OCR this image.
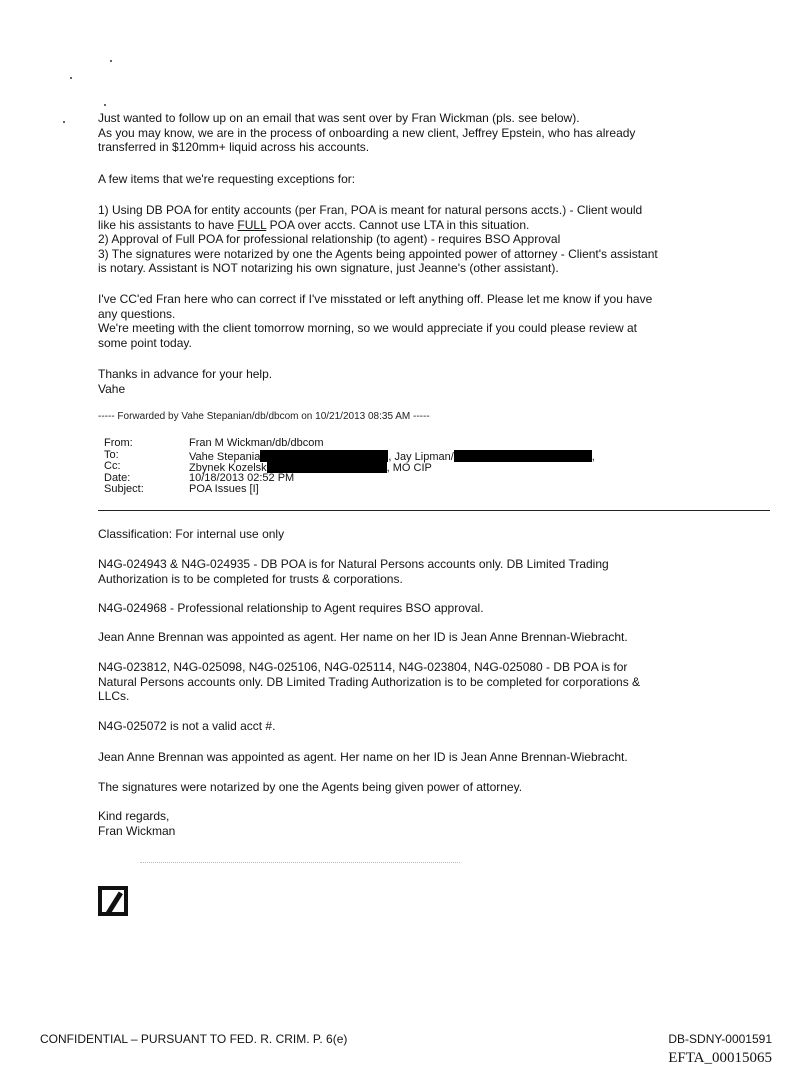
Just wanted to follow up on an email that was sent over by Fran Wickman (pls. see below).

As you may know, we are in the process of onboarding a new client, Jeffrey Epstein, who has already

transferred in $120mm+ liquid across his accounts.

A few items that we're requesting exceptions for:

1) Using DB POA for entity accounts (per Fran, POA is meant for natural persons accts.) - Client would

like his assistants to have FULL POA over accts. Cannot use LTA in this situation.

2) Approval of Full POA for professional relationship (to agent) - requires BSO Approval

3) The signatures were notarized by one the Agents being appointed power of attorney - Client's assistant

is notary. Assistant is NOT notarizing his own signature, just Jeanne's (other assistant).

I've CC'ed Fran here who can correct if I've misstated or left anything off. Please let me know if you have

any questions.

We're meeting with the client tomorrow morning, so we would appreciate if you could please review at

some point today.

Thanks in advance for your help.

Vahe

----- Forwarded by Vahe Stepanian/db/dbcom on 10/21/2013 08:35 AM -----
From:	Fran M Wickman/db/dbcom
To:	Vahe Stepania	, Jay Lipman/	,
Cc:	Zbynek Kozelsk	, MO CIP
Date:	10/18/2013 02:52 PM
Subject:	POA Issues [I]

Classification: For internal use only

N4G-024943 & N4G-024935 - DB POA is for Natural Persons accounts only. DB Limited Trading

Authorization is to be completed for trusts & corporations.

N4G-024968 - Professional relationship to Agent requires BSO approval.

Jean Anne Brennan was appointed as agent. Her name on her ID is Jean Anne Brennan-Wiebracht.

N4G-023812, N4G-025098, N4G-025106, N4G-025114, N4G-023804, N4G-025080 - DB POA is for

Natural Persons accounts only. DB Limited Trading Authorization is to be completed for corporations &

LLCs.

N4G-025072 is not a valid acct #.

Jean Anne Brennan was appointed as agent. Her name on her ID is Jean Anne Brennan-Wiebracht.

The signatures were notarized by one the Agents being given power of attorney.

Kind regards,

Fran Wickman

CONFIDENTIAL – PURSUANT TO FED. R. CRIM. P. 6(e)	DB-SDNY-0001591
EFTA_00015065
